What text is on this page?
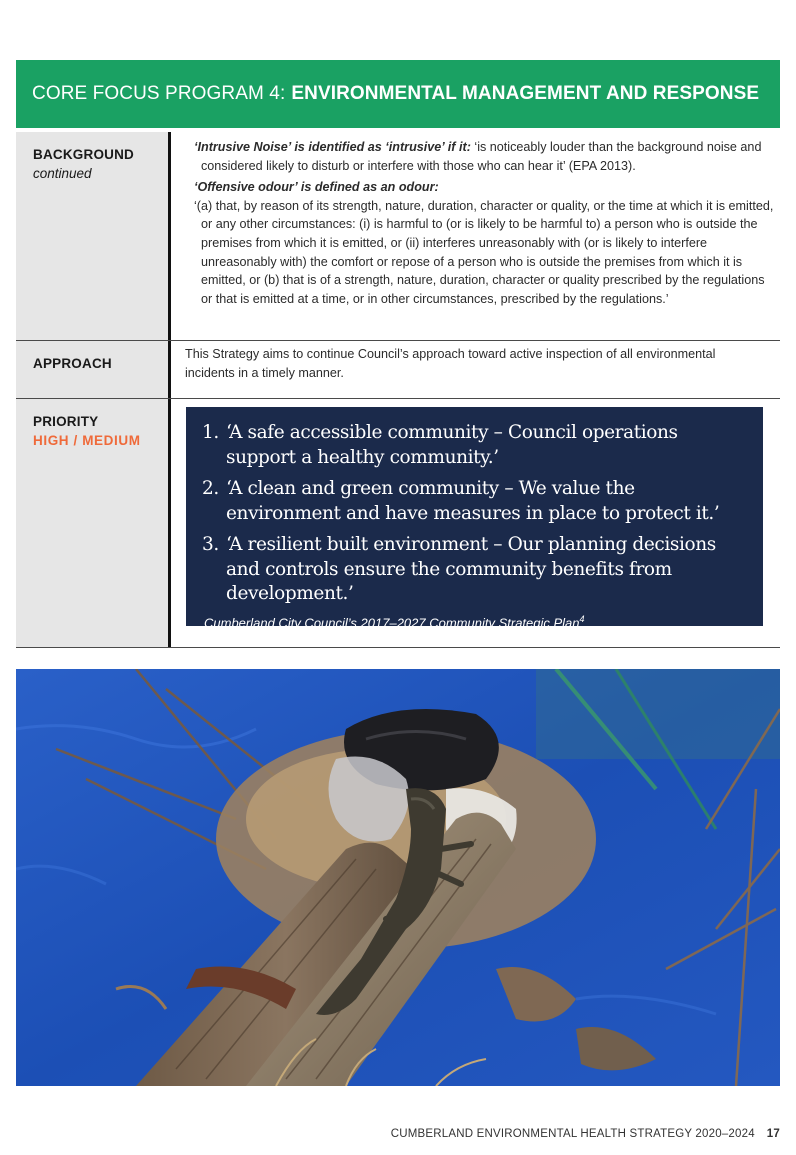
CORE FOCUS PROGRAM 4: ENVIRONMENTAL MANAGEMENT AND RESPONSE
BACKGROUND
continued

‘Intrusive Noise’ is identified as ‘intrusive’ if it: ‘is noticeably louder than the background noise and considered likely to disturb or interfere with those who can hear it’ (EPA 2013).

‘Offensive odour’ is defined as an odour:

‘(a) that, by reason of its strength, nature, duration, character or quality, or the time at which it is emitted, or any other circumstances: (i) is harmful to (or is likely to be harmful to) a person who is outside the premises from which it is emitted, or (ii) interferes unreasonably with (or is likely to interfere unreasonably with) the comfort or repose of a person who is outside the premises from which it is emitted, or (b) that is of a strength, nature, duration, character or quality prescribed by the regulations or that is emitted at a time, or in other circumstances, prescribed by the regulations.’

APPROACH

This Strategy aims to continue Council’s approach toward active inspection of all environmental incidents in a timely manner.

PRIORITY
HIGH / MEDIUM	1. ‘A safe accessible community – Council operations support a healthy community.’
2. ‘A clean and green community – We value the environment and have measures in place to protect it.’
3. ‘A resilient built environment – Our planning decisions and controls ensure the community benefits from development.’

Cumberland City Council’s 2017–2027 Community Strategic Plan$^4$

CUMBERLAND ENVIRONMENTAL HEALTH STRATEGY 2020–2024 17
